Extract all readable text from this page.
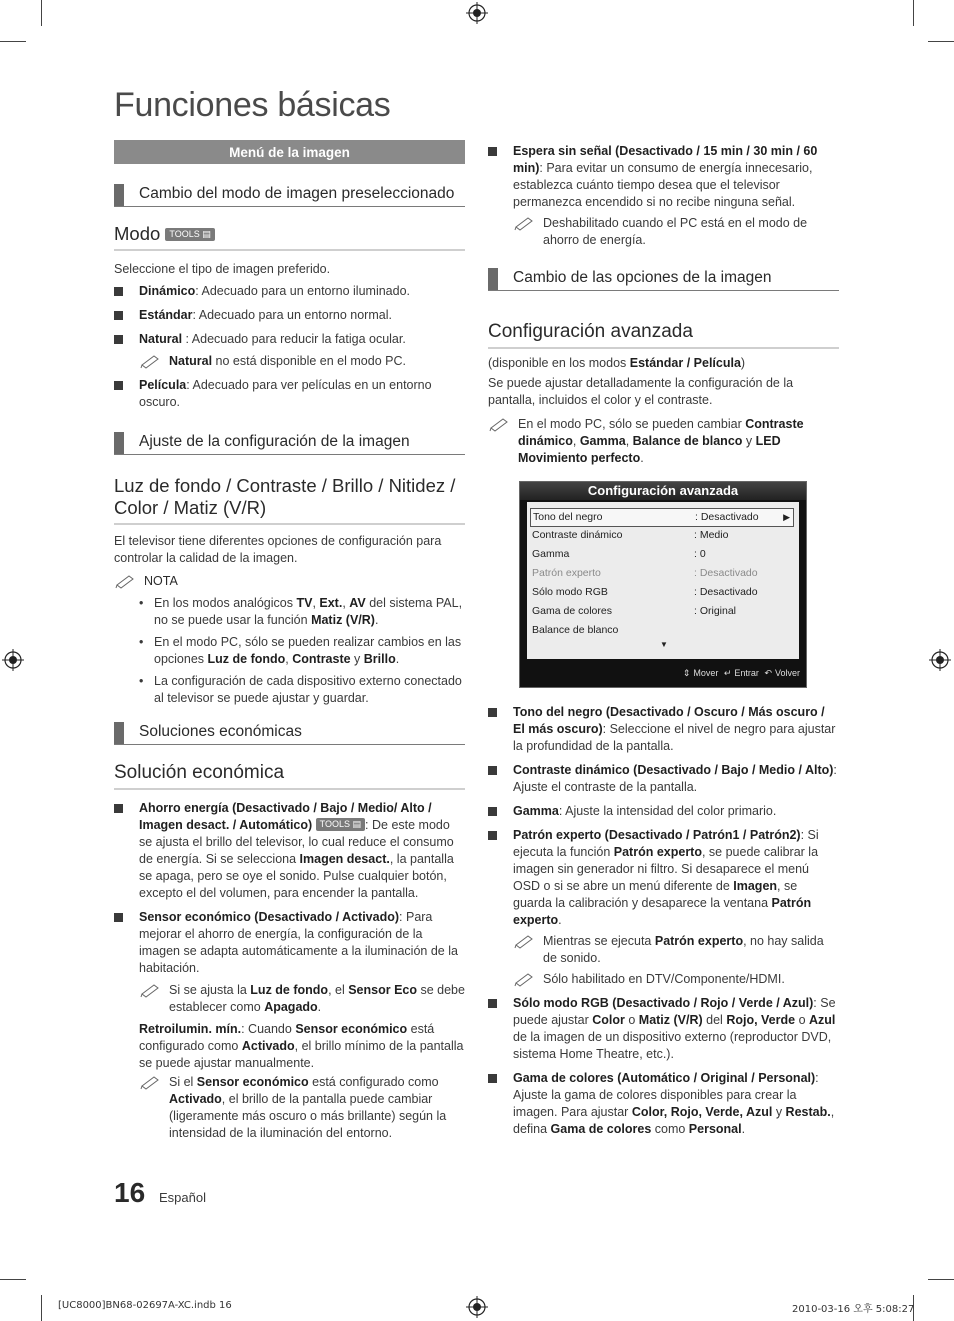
Funciones básicas
Menú de la imagen
Cambio del modo de imagen preseleccionado
Modo TOOLS ▤

Seleccione el tipo de imagen preferido.

Dinámico: Adecuado para un entorno iluminado.
Estándar: Adecuado para un entorno normal.
Natural : Adecuado para reducir la fatiga ocular.
Natural no está disponible en el modo PC.
Película: Adecuado para ver películas en un entorno oscuro.
Ajuste de la configuración de la imagen
Luz de fondo / Contraste / Brillo / Nitidez / Color / Matiz (V/R)

El televisor tiene diferentes opciones de configuración para controlar la calidad de la imagen.

NOTA
• En los modos analógicos TV, Ext., AV del sistema PAL, no se puede usar la función Matiz (V/R).
• En el modo PC, sólo se pueden realizar cambios en las opciones Luz de fondo, Contraste y Brillo.
• La configuración de cada dispositivo externo conectado al televisor se puede ajustar y guardar.
Soluciones económicas
Solución económica
Ahorro energía (Desactivado / Bajo / Medio/ Alto / Imagen desact. / Automático) TOOLS ▤ : De este modo se ajusta el brillo del televisor, lo cual reduce el consumo de energía. Si se selecciona Imagen desact., la pantalla se apaga, pero se oye el sonido. Pulse cualquier botón, excepto el del volumen, para encender la pantalla.
Sensor económico (Desactivado / Activado): Para mejorar el ahorro de energía, la configuración de la imagen se adapta automáticamente a la iluminación de la habitación.
Si se ajusta la Luz de fondo, el Sensor Eco se debe establecer como Apagado.
Retroilumin. mín.: Cuando Sensor económico está configurado como Activado, el brillo mínimo de la pantalla se puede ajustar manualmente.
Si el Sensor económico está configurado como Activado, el brillo de la pantalla puede cambiar (ligeramente más oscuro o más brillante) según la intensidad de la iluminación del entorno.
Espera sin señal (Desactivado / 15 min / 30 min / 60 min): Para evitar un consumo de energía innecesario, establezca cuánto tiempo desea que el televisor permanezca encendido si no recibe ninguna señal.
Deshabilitado cuando el PC está en el modo de ahorro de energía.
Cambio de las opciones de la imagen
Configuración avanzada

(disponible en los modos Estándar / Película)

Se puede ajustar detalladamente la configuración de la pantalla, incluidos el color y el contraste.

En el modo PC, sólo se pueden cambiar Contraste dinámico, Gamma, Balance de blanco y LED Movimiento perfecto.
Configuración avanzada
Tono del negro	: Desactivado	▶
Contraste dinámico	: Medio
Gamma	: 0
Patrón experto	: Desactivado
Sólo modo RGB	: Desactivado
Gama de colores	: Original
Balance de blanco
▼
⇕ Mover ↵ Entrar ↶ Volver
Tono del negro (Desactivado / Oscuro / Más oscuro / El más oscuro): Seleccione el nivel de negro para ajustar la profundidad de la pantalla.
Contraste dinámico (Desactivado / Bajo / Medio / Alto): Ajuste el contraste de la pantalla.
Gamma: Ajuste la intensidad del color primario.
Patrón experto (Desactivado / Patrón1 / Patrón2): Si ejecuta la función Patrón experto, se puede calibrar la imagen sin generador ni filtro. Si desaparece el menú OSD o si se abre un menú diferente de Imagen, se guarda la calibración y desaparece la ventana Patrón experto.
Mientras se ejecuta Patrón experto, no hay salida de sonido.
Sólo habilitado en DTV/Componente/HDMI.
Sólo modo RGB (Desactivado / Rojo / Verde / Azul): Se puede ajustar Color o Matiz (V/R) del Rojo, Verde o Azul de la imagen de un dispositivo externo (reproductor DVD, sistema Home Theatre, etc.).
Gama de colores (Automático / Original / Personal): Ajuste la gama de colores disponibles para crear la imagen. Para ajustar Color, Rojo, Verde, Azul y Restab., defina Gama de colores como Personal.
16 Español
[UC8000]BN68-02697A-XC.indb 16	2010-03-16 오후 5:08:27
